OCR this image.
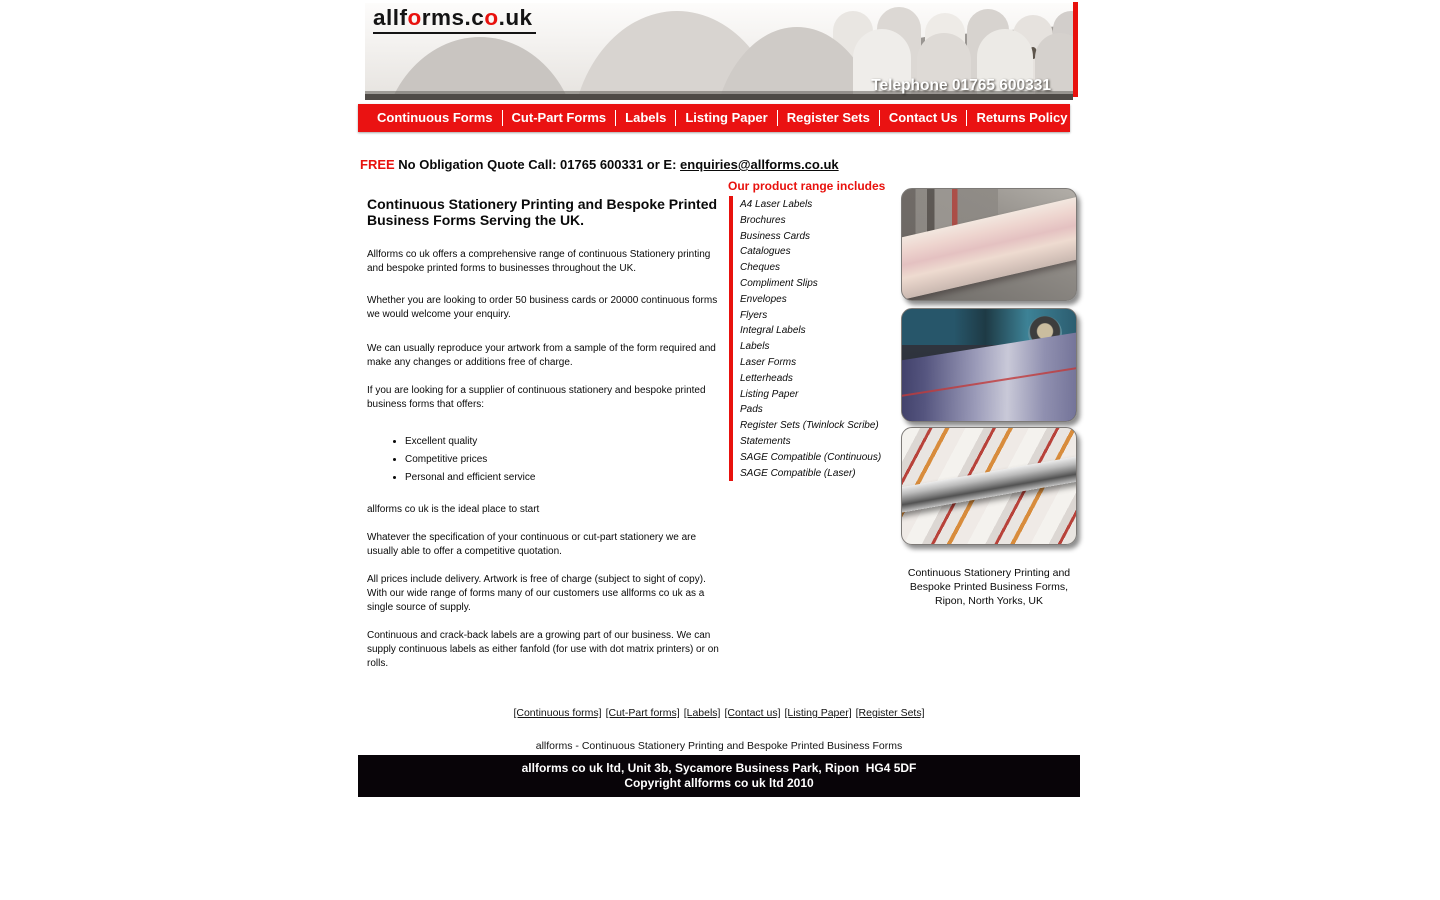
allforms.co.uk
Telephone 01765 600331
Continuous Forms	Cut-Part Forms	Labels	Listing Paper	Register Sets	Contact Us	Returns Policy
FREE No Obligation Quote Call: 01765 600331 or E: enquiries@allforms.co.uk
Continuous Stationery Printing and Bespoke Printed Business Forms Serving the UK.

Allforms co uk offers a comprehensive range of continuous Stationery printing and bespoke printed forms to businesses throughout the UK.

Whether you are looking to order 50 business cards or 20000 continuous forms we would welcome your enquiry.

We can usually reproduce your artwork from a sample of the form required and make any changes or additions free of charge.

If you are looking for a supplier of continuous stationery and bespoke printed business forms that offers:

• Excellent quality
• Competitive prices
• Personal and efficient service

allforms co uk is the ideal place to start

Whatever the specification of your continuous or cut-part stationery we are usually able to offer a competitive quotation.

All prices include delivery. Artwork is free of charge (subject to sight of copy). With our wide range of forms many of our customers use allforms co uk as a single source of supply.

Continuous and crack-back labels are a growing part of our business. We can supply continuous labels as either fanfold (for use with dot matrix printers) or on rolls.

Our product range includes
A4 Laser Labels
Brochures
Business Cards
Catalogues
Cheques
Compliment Slips
Envelopes
Flyers
Integral Labels
Labels
Laser Forms
Letterheads
Listing Paper
Pads
Register Sets (Twinlock Scribe)
Statements
SAGE Compatible (Continuous)
SAGE Compatible (Laser)
Continuous Stationery Printing and Bespoke Printed Business Forms, Ripon, North Yorks, UK
[Continuous forms] [Cut-Part forms] [Labels] [Contact us] [Listing Paper] [Register Sets]
allforms - Continuous Stationery Printing and Bespoke Printed Business Forms
allforms co uk ltd, Unit 3b, Sycamore Business Park, Ripon  HG4 5DF
Copyright allforms co uk ltd 2010
